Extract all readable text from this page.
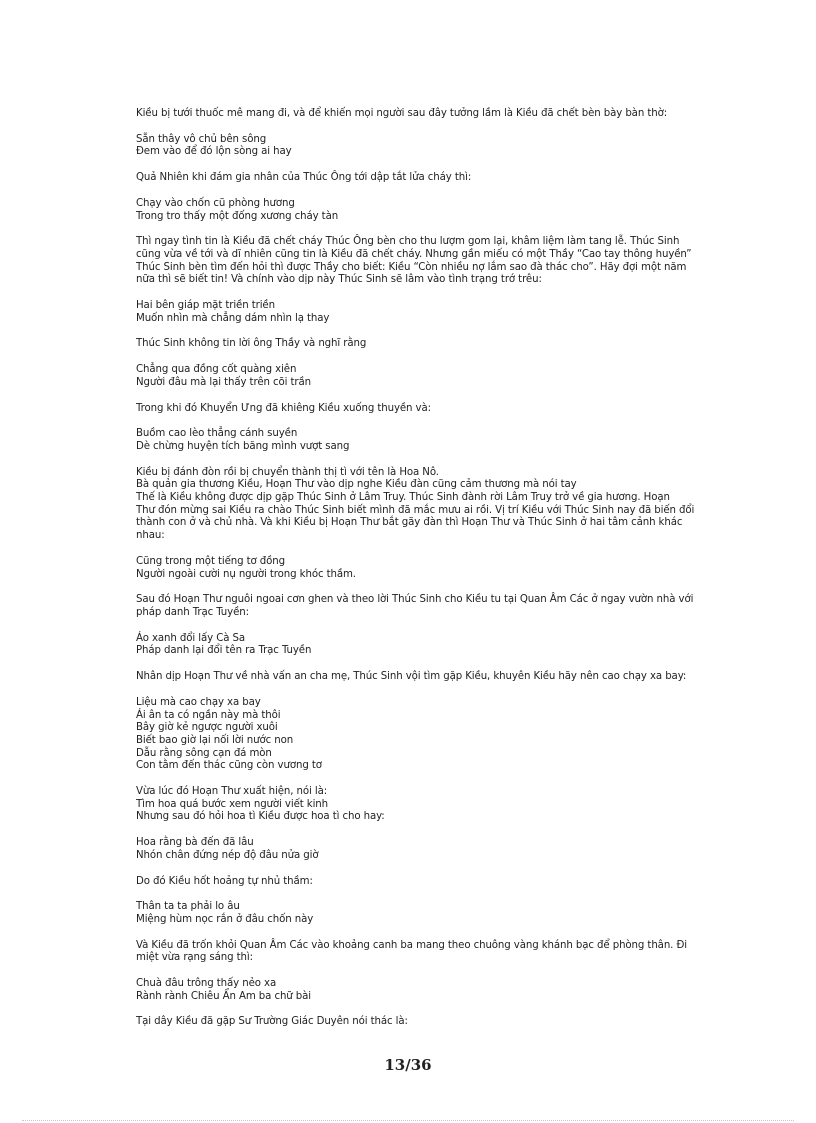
Kiều bị tưới thuốc mê mang đi, và để khiến mọi người sau đây tưởng lầm là Kiều đã chết bèn bày bàn thờ:
Sẵn thây vô chủ bên sông
Đem vào để đó lộn sòng ai hay
Quả Nhiên khi đám gia nhân của Thúc Ông tới dập tắt lửa cháy thì:
Chạy vào chốn cũ phòng hương
Trong tro thấy một đống xương cháy tàn
Thì ngay tình tin là Kiều đã chết cháy Thúc Ông bèn cho thu lượm gom lại, khâm liệm làm tang lễ. Thúc Sinh
cũng vừa về tới và dĩ nhiên cũng tin là Kiều đã chết cháy. Nhưng gần miếu có một Thầy “Cao tay thông huyền”
Thúc Sinh bèn tìm đến hỏi thì được Thầy cho biết: Kiều “Còn nhiều nợ lắm sao đà thác cho”. Hãy đợi một năm
nữa thì sẽ biết tin! Và chính vào dịp này Thúc Sinh sẽ lâm vào tình trạng trớ trêu:
Hai bên giáp mặt triền triền
Muốn nhìn mà chẳng dám nhìn lạ thay
Thúc Sinh không tin lời ông Thầy và nghĩ rằng
Chẳng qua đồng cốt quàng xiên
Người đâu mà lại thấy trên cõi trần
Trong khi đó Khuyển Ưng đã khiêng Kiều xuống thuyền và:
Buồm cao lèo thẳng cánh suyền
Dè chừng huyện tích băng mình vượt sang
Kiều bị đánh đòn rồi bị chuyển thành thị tì với tên là Hoa Nô.
Bà quản gia thương Kiều, Hoạn Thư vào dịp nghe Kiều đàn cũng cảm thương mà nói tay
Thế là Kiều không được dịp gặp Thúc Sinh ở Lâm Truy. Thúc Sinh đành rời Lâm Truy trở về gia hương. Hoạn
Thư đón mừng sai Kiều ra chào Thúc Sinh biết mình đã mắc mưu ai rồi. Vị trí Kiều với Thúc Sinh nay đã biến đổi
thành con ở và chủ nhà. Và khi Kiều bị Hoạn Thư bắt gãy đàn thì Hoạn Thư và Thúc Sinh ở hai tâm cảnh khác
nhau:
Cũng trong một tiếng tơ đồng
Người ngoài cười nụ người trong khóc thầm.
Sau đó Hoạn Thư nguôi ngoai cơn ghen và theo lời Thúc Sinh cho Kiều tu tại Quan Âm Các ở ngay vườn nhà với
pháp danh Trạc Tuyền:
Áo xanh đổi lấy Cà Sa
Pháp danh lại đổi tên ra Trạc Tuyền
Nhân dịp Hoạn Thư về nhà vấn an cha mẹ, Thúc Sinh vội tìm gặp Kiều, khuyên Kiều hãy nên cao chạy xa bay:
Liệu mà cao chạy xa bay
Ái ân ta có ngần này mà thôi
Bây giờ kẻ ngược người xuôi
Biết bao giờ lại nối lời nước non
Dẫu rằng sông cạn đá mòn
Con tằm đến thác cũng còn vương tơ
Vừa lúc đó Hoạn Thư xuất hiện, nói là:
Tìm hoa quá bước xem người viết kinh
Nhưng sau đó hỏi hoa tì Kiều được hoa tì cho hay:
Hoa rằng bà đến đã lâu
Nhón chân đứng nép độ đâu nửa giờ
Do đó Kiều hốt hoảng tự nhủ thầm:
Thân ta ta phải lo âu
Miệng hùm nọc rắn ở đâu chốn này
Và Kiều đã trốn khỏi Quan Âm Các vào khoảng canh ba mang theo chuông vàng khánh bạc để phòng thân. Đi
miệt vừa rạng sáng thì:
Chuà đâu trông thấy nẻo xa
Rành rành Chiêu Ẩn Am ba chữ bài
Tại dây Kiều đã gặp Sư Trường Giác Duyên nói thác là:
13/36
